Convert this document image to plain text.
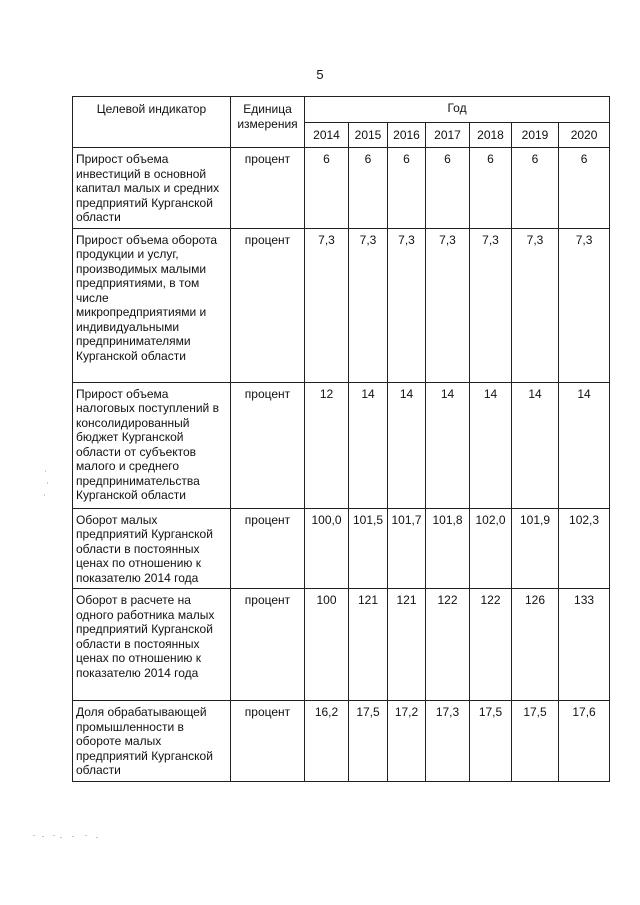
5
Целевой индикатор	Единица измерения	Год						
		2014	2015	2016	2017	2018	2019	2020
Прирост объема инвестиций в основной капитал малых и средних предприятий Курганской области	процент	6	6	6	6	6	6	6
Прирост объема оборота продукции и услуг, производимых малыми предприятиями, в том числе микропредприятиями и индивидуальными предпринимателями Курганской области	процент	7,3	7,3	7,3	7,3	7,3	7,3	7,3
Прирост объема налоговых поступлений в консолидированный бюджет Курганской области от субъектов малого и среднего предпринимательства Курганской области	процент	12	14	14	14	14	14	14
Оборот малых предприятий Курганской области в постоянных ценах по отношению к показателю 2014 года	процент	100,0	101,5	101,7	101,8	102,0	101,9	102,3
Оборот в расчете на одного работника малых предприятий Курганской области в постоянных ценах по отношению к показателю 2014 года	процент	100	121	121	122	122	126	133
Доля обрабатывающей промышленности в обороте малых предприятий Курганской области	процент	16,2	17,5	17,2	17,3	17,5	17,5	17,6
